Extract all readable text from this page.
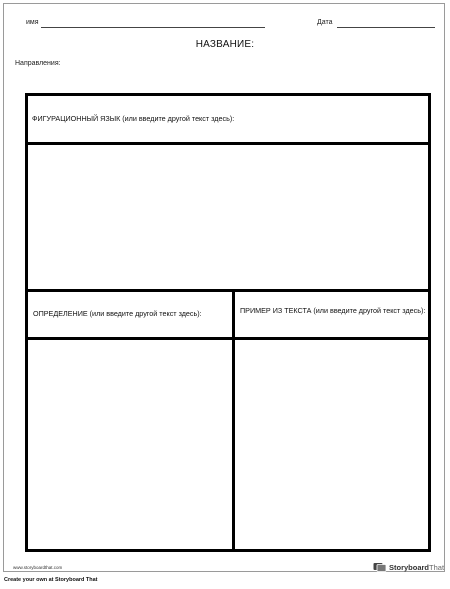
имя	Дата
НАЗВАНИЕ:
Направления:
ФИГУРАЦИОННЫЙ ЯЗЫК (или введите другой текст здесь):
ОПРЕДЕЛЕНИЕ (или введите другой текст здесь):	ПРИМЕР ИЗ ТЕКСТА (или введите другой текст здесь):
www.storyboardthat.com	StoryboardThat
Create your own at Storyboard That
